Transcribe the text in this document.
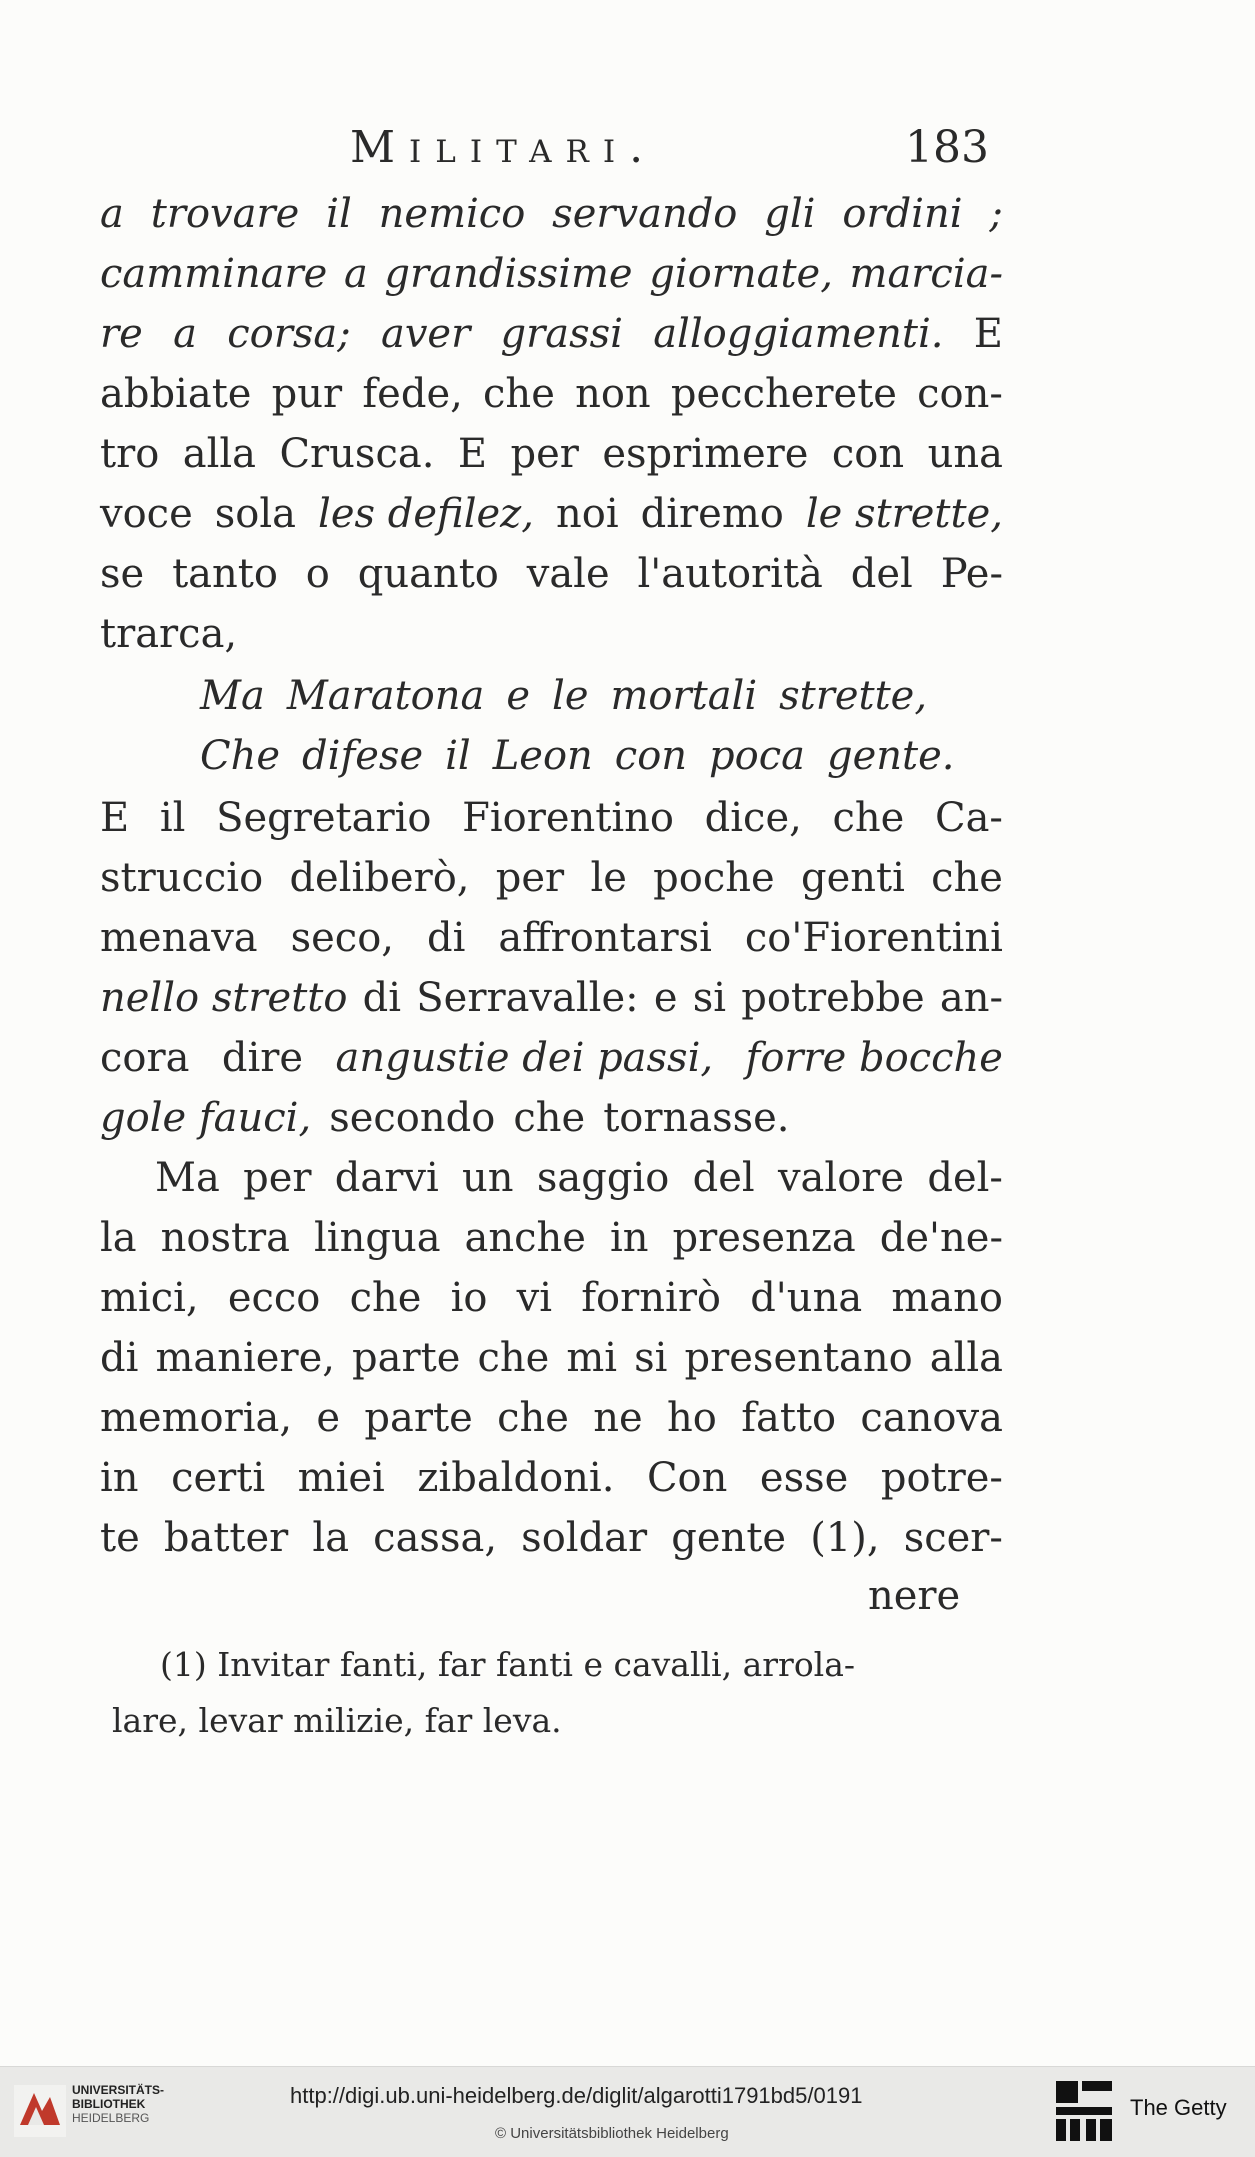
Militari.	183
a trovare il nemico servando gli ordini ;
camminare a grandissime giornate, marcia-
re a corsa; aver grassi alloggiamenti. E
abbiate pur fede, che non peccherete con-
tro alla Crusca. E per esprimere con una
voce sola les defilez, noi diremo le strette,
se tanto o quanto vale l'autorità del Pe-
trarca,
Ma Maratona e le mortali strette,
Che difese il Leon con poca gente.
E il Segretario Fiorentino dice, che Ca-
struccio deliberò, per le poche genti che
menava seco, di affrontarsi co'Fiorentini
nello stretto di Serravalle: e si potrebbe an-
cora dire angustie dei passi, forre bocche
gole fauci, secondo che tornasse.
Ma per darvi un saggio del valore del-
la nostra lingua anche in presenza de'ne-
mici, ecco che io vi fornirò d'una mano
di maniere, parte che mi si presentano alla
memoria, e parte che ne ho fatto canova
in certi miei zibaldoni. Con esse potre-
te batter la cassa, soldar gente (1), scer-
nere
(1) Invitar fanti, far fanti e cavalli, arrola-
lare, levar milizie, far leva.
UNIVERSITÄTS-
BIBLIOTHEK
HEIDELBERG
http://digi.ub.uni-heidelberg.de/diglit/algarotti1791bd5/0191
© Universitätsbibliothek Heidelberg
The Getty
